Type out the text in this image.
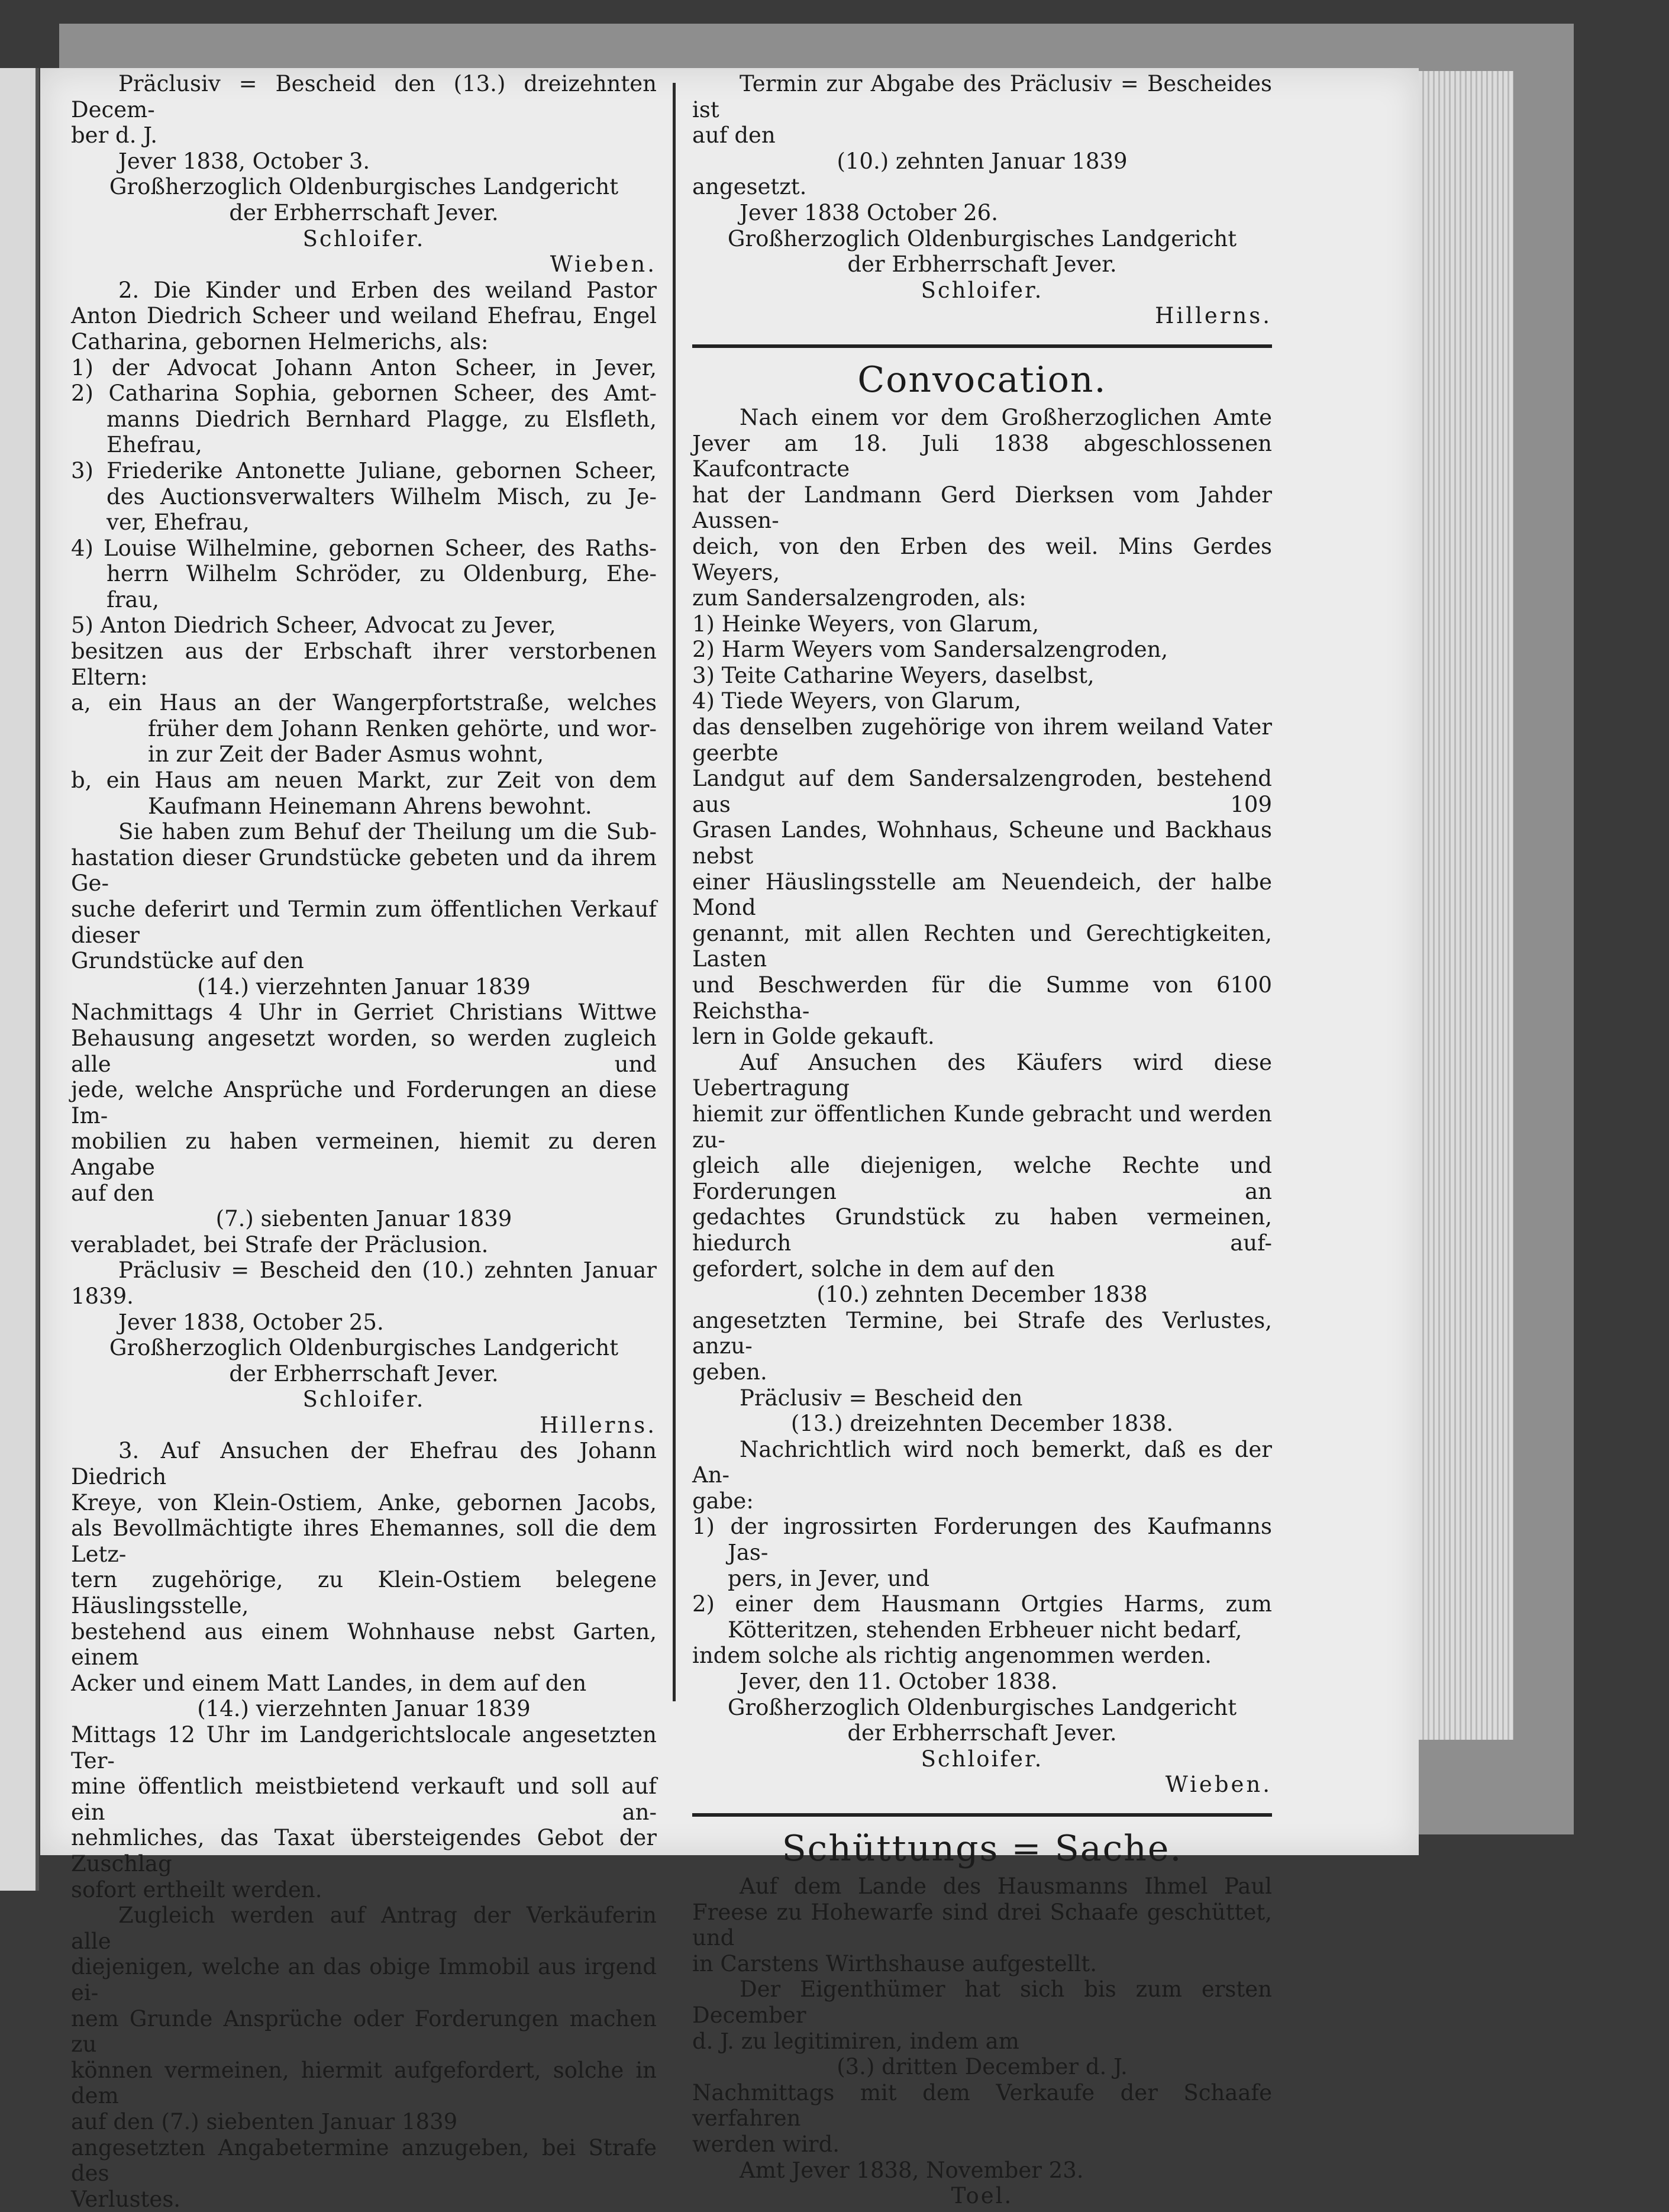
Präclusiv = Bescheid den (13.) dreizehnten Decem-

ber d. J.

Jever 1838, October 3.

Großherzoglich Oldenburgisches Landgericht

der Erbherrschaft Jever.

Schloifer.

Wieben.

2. Die Kinder und Erben des weiland Pastor

Anton Diedrich Scheer und weiland Ehefrau, Engel

Catharina, gebornen Helmerichs, als:

1) der Advocat Johann Anton Scheer, in Jever,

2) Catharina Sophia, gebornen Scheer, des Amt-

manns Diedrich Bernhard Plagge, zu Elsfleth,

Ehefrau,

3) Friederike Antonette Juliane, gebornen Scheer,

des Auctionsverwalters Wilhelm Misch, zu Je-

ver, Ehefrau,

4) Louise Wilhelmine, gebornen Scheer, des Raths-

herrn Wilhelm Schröder, zu Oldenburg, Ehe-

frau,

5) Anton Diedrich Scheer, Advocat zu Jever,

besitzen aus der Erbschaft ihrer verstorbenen Eltern:

a, ein Haus an der Wangerpfortstraße, welches

früher dem Johann Renken gehörte, und wor-

in zur Zeit der Bader Asmus wohnt,

b, ein Haus am neuen Markt, zur Zeit von dem

Kaufmann Heinemann Ahrens bewohnt.

Sie haben zum Behuf der Theilung um die Sub-

hastation dieser Grundstücke gebeten und da ihrem Ge-

suche deferirt und Termin zum öffentlichen Verkauf dieser

Grundstücke auf den

(14.) vierzehnten Januar 1839

Nachmittags 4 Uhr in Gerriet Christians Wittwe

Behausung angesetzt worden, so werden zugleich alle und

jede, welche Ansprüche und Forderungen an diese Im-

mobilien zu haben vermeinen, hiemit zu deren Angabe

auf den

(7.) siebenten Januar 1839

verabladet, bei Strafe der Präclusion.

Präclusiv = Bescheid den (10.) zehnten Januar

1839.

Jever 1838, October 25.

Großherzoglich Oldenburgisches Landgericht

der Erbherrschaft Jever.

Schloifer.

Hillerns.

3. Auf Ansuchen der Ehefrau des Johann Diedrich

Kreye, von Klein-Ostiem, Anke, gebornen Jacobs,

als Bevollmächtigte ihres Ehemannes, soll die dem Letz-

tern zugehörige, zu Klein-Ostiem belegene Häuslingsstelle,

bestehend aus einem Wohnhause nebst Garten, einem

Acker und einem Matt Landes, in dem auf den

(14.) vierzehnten Januar 1839

Mittags 12 Uhr im Landgerichtslocale angesetzten Ter-

mine öffentlich meistbietend verkauft und soll auf ein an-

nehmliches, das Taxat übersteigendes Gebot der Zuschlag

sofort ertheilt werden.

Zugleich werden auf Antrag der Verkäuferin alle

diejenigen, welche an das obige Immobil aus irgend ei-

nem Grunde Ansprüche oder Forderungen machen zu

können vermeinen, hiermit aufgefordert, solche in dem

auf den (7.) siebenten Januar 1839

angesetzten Angabetermine anzugeben, bei Strafe des

Verlustes.

Termin zur Abgabe des Präclusiv = Bescheides ist

auf den

(10.) zehnten Januar 1839

angesetzt.

Jever 1838 October 26.

Großherzoglich Oldenburgisches Landgericht

der Erbherrschaft Jever.

Schloifer.

Hillerns.

Convocation.

Nach einem vor dem Großherzoglichen Amte

Jever am 18. Juli 1838 abgeschlossenen Kaufcontracte

hat der Landmann Gerd Dierksen vom Jahder Aussen-

deich, von den Erben des weil. Mins Gerdes Weyers,

zum Sandersalzengroden, als:

1) Heinke Weyers, von Glarum,

2) Harm Weyers vom Sandersalzengroden,

3) Teite Catharine Weyers, daselbst,

4) Tiede Weyers, von Glarum,

das denselben zugehörige von ihrem weiland Vater geerbte

Landgut auf dem Sandersalzengroden, bestehend aus 109

Grasen Landes, Wohnhaus, Scheune und Backhaus nebst

einer Häuslingsstelle am Neuendeich, der halbe Mond

genannt, mit allen Rechten und Gerechtigkeiten, Lasten

und Beschwerden für die Summe von 6100 Reichstha-

lern in Golde gekauft.

Auf Ansuchen des Käufers wird diese Uebertragung

hiemit zur öffentlichen Kunde gebracht und werden zu-

gleich alle diejenigen, welche Rechte und Forderungen an

gedachtes Grundstück zu haben vermeinen, hiedurch auf-

gefordert, solche in dem auf den

(10.) zehnten December 1838

angesetzten Termine, bei Strafe des Verlustes, anzu-

geben.

Präclusiv = Bescheid den

(13.) dreizehnten December 1838.

Nachrichtlich wird noch bemerkt, daß es der An-

gabe:

1) der ingrossirten Forderungen des Kaufmanns Jas-

pers, in Jever, und

2) einer dem Hausmann Ortgies Harms, zum

Kötteritzen, stehenden Erbheuer nicht bedarf,

indem solche als richtig angenommen werden.

Jever, den 11. October 1838.

Großherzoglich Oldenburgisches Landgericht

der Erbherrschaft Jever.

Schloifer.

Wieben.

Schüttungs = Sache.

Auf dem Lande des Hausmanns Ihmel Paul

Freese zu Hohewarfe sind drei Schaafe geschüttet, und

in Carstens Wirthshause aufgestellt.

Der Eigenthümer hat sich bis zum ersten December

d. J. zu legitimiren, indem am

(3.) dritten December d. J.

Nachmittags mit dem Verkaufe der Schaafe verfahren

werden wird.

Amt Jever 1838, November 23.

Toel.
